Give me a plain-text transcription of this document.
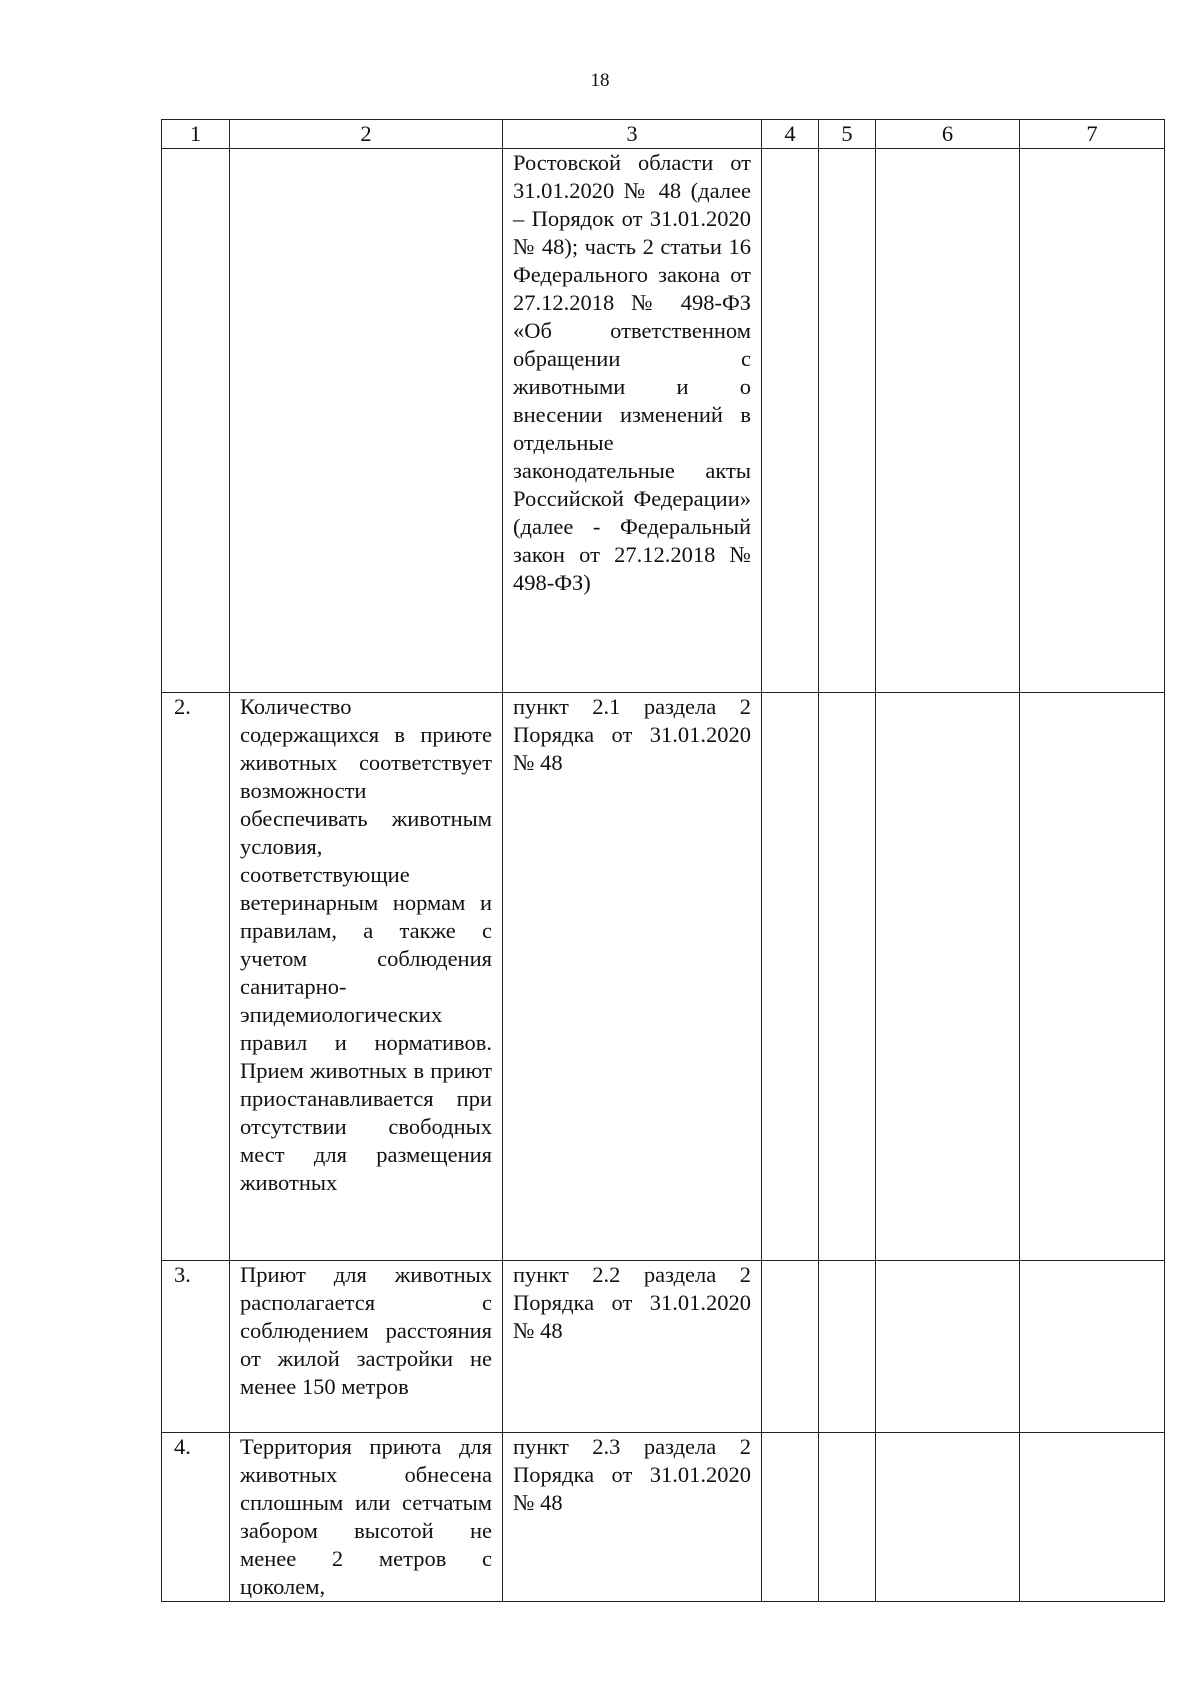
18
1	2	3	4	5	6	7
		Ростовской области от 31.01.2020 № 48 (далее – Порядок от 31.01.2020 № 48); часть 2 статьи 16 Федерального закона от 27.12.2018 № 498-ФЗ «Об ответственном обращении с животными и о внесении изменений в отдельные законодательные акты Российской Федерации» (далее - Федеральный закон от 27.12.2018 № 498-ФЗ)				
2.	Количество содержащихся в приюте животных соответствует возможности обеспечивать животным условия, соответствующие ветеринарным нормам и правилам, а также с учетом соблюдения санитарно-эпидемиологических правил и нормативов. Прием животных в приют приостанавливается при отсутствии свободных мест для размещения животных	пункт 2.1 раздела 2 Порядка от 31.01.2020 № 48				
3.	Приют для животных располагается с соблюдением расстояния от жилой застройки не менее 150 метров	пункт 2.2 раздела 2 Порядка от 31.01.2020 № 48				
4.	Территория приюта для животных обнесена сплошным или сетчатым забором высотой не менее 2 метров с цоколем,	пункт 2.3 раздела 2 Порядка от 31.01.2020 № 48				
